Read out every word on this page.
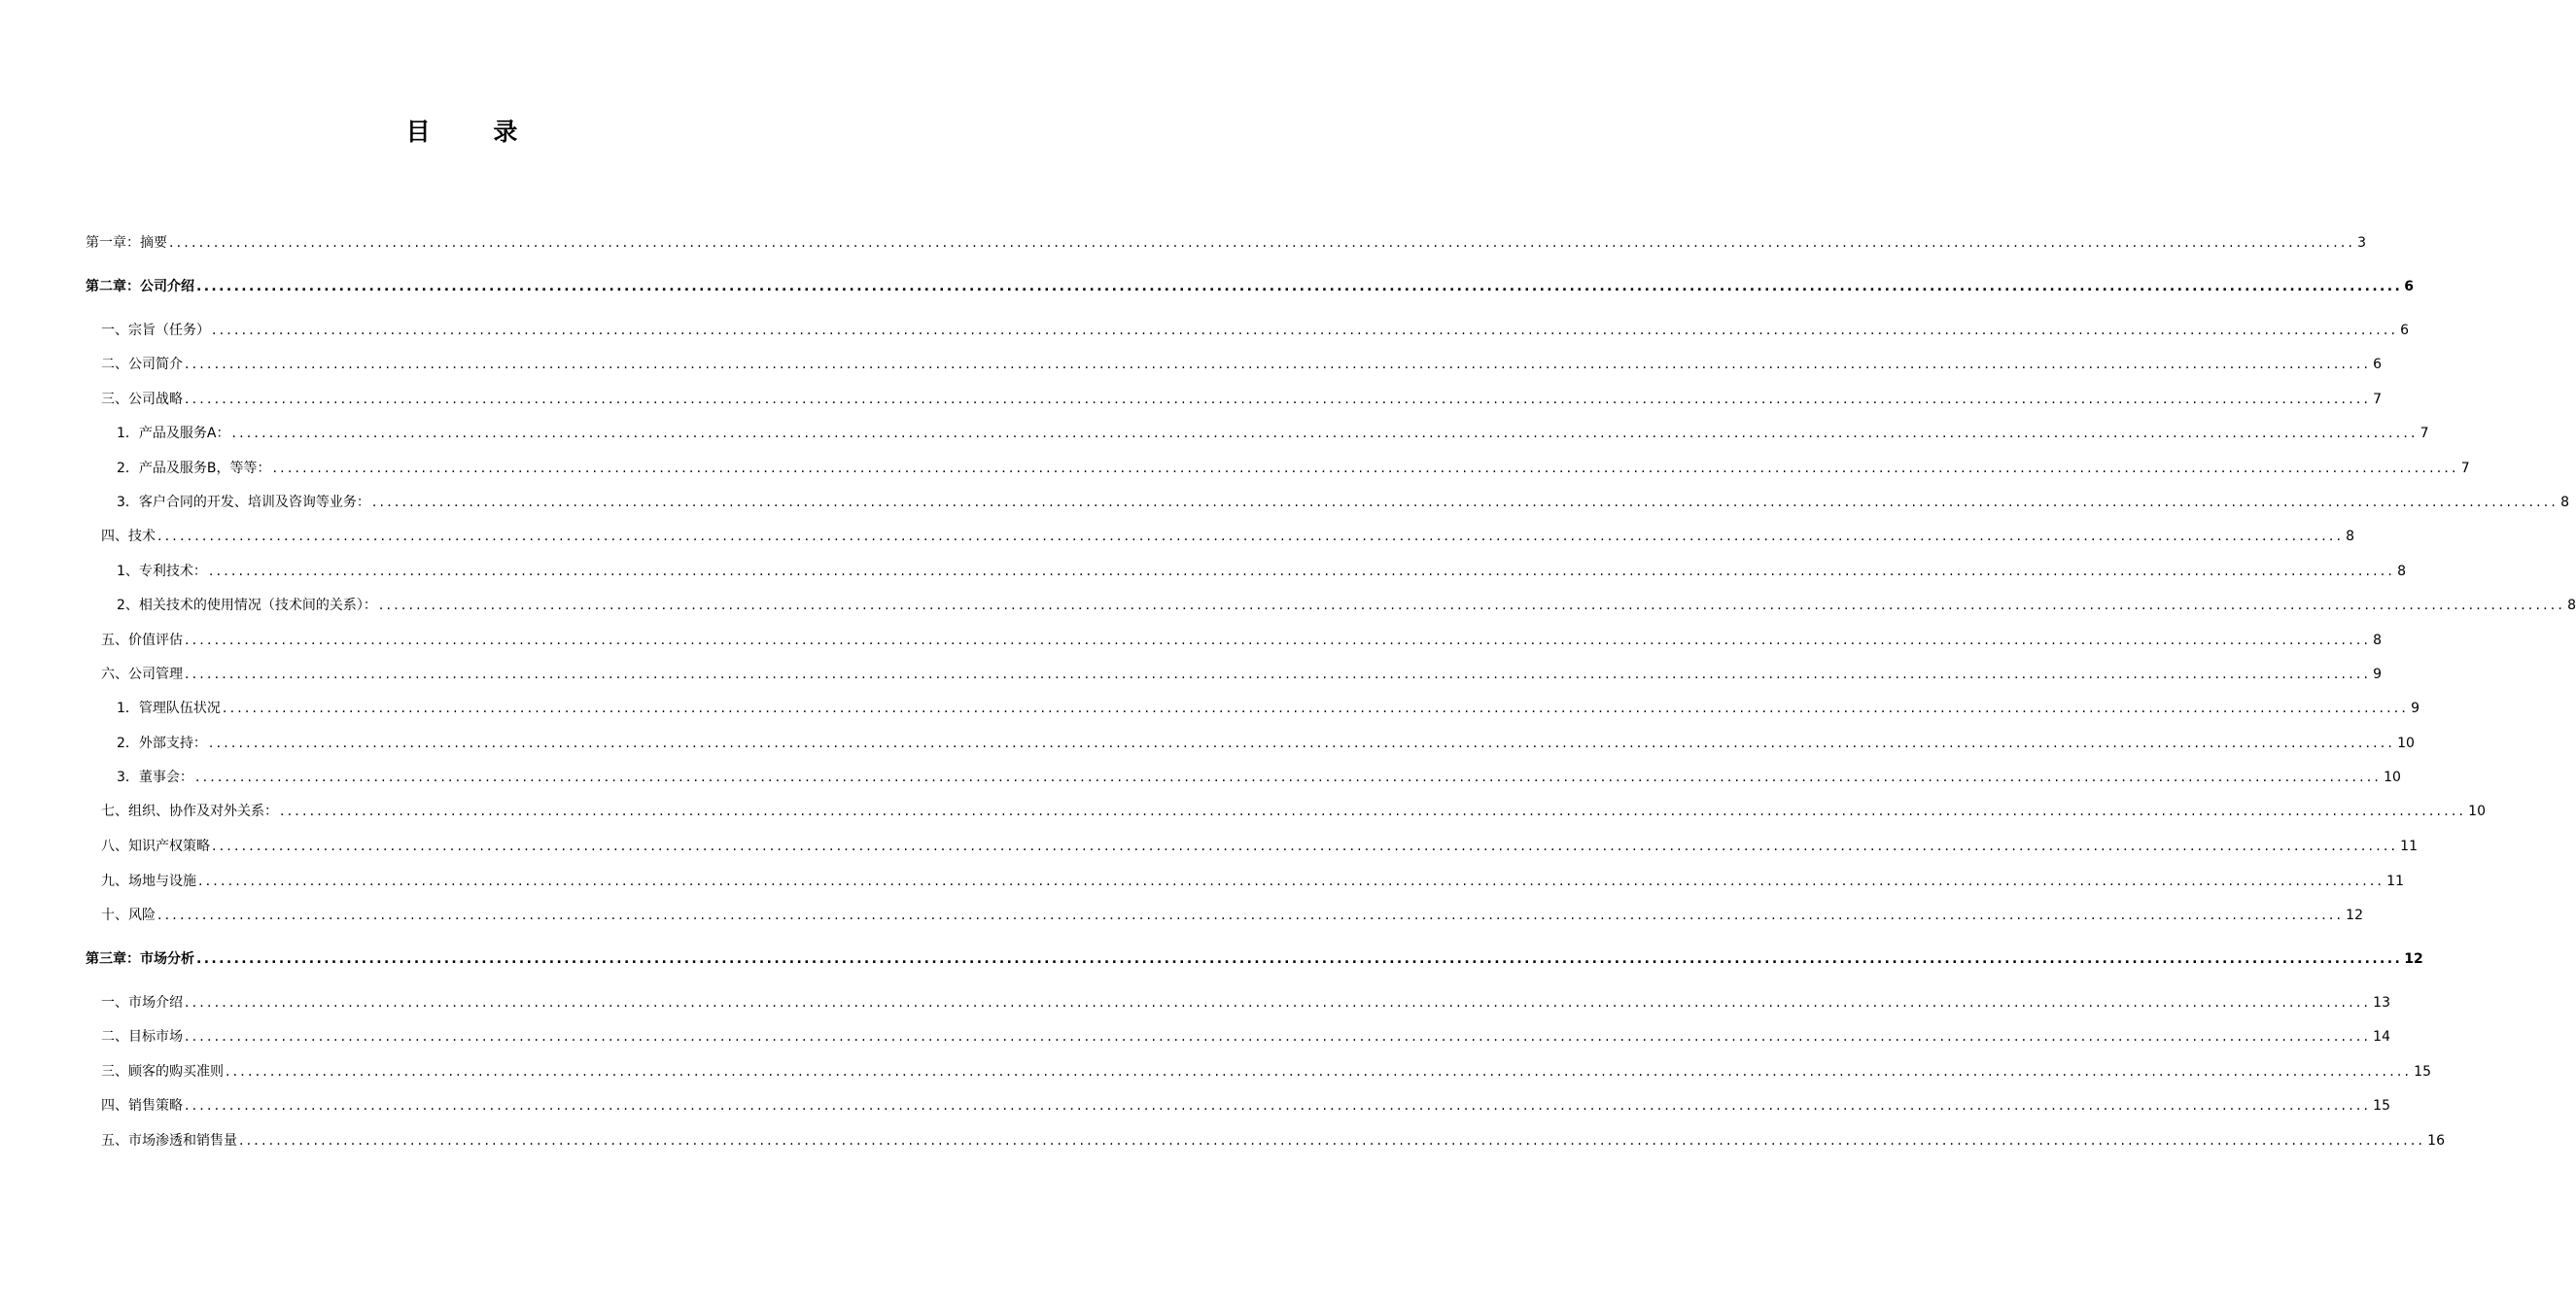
目 录
第一章：摘要 ...................................................................................................................................................................................................................................................................................................... 3
第二章：公司介绍 ...................................................................................................................................................................................................................................................................................................... 6
一、宗旨（任务） ...................................................................................................................................................................................................................................................................................................... 6
二、公司简介 ...................................................................................................................................................................................................................................................................................................... 6
三、公司战略 ...................................................................................................................................................................................................................................................................................................... 7
1．产品及服务A： ...................................................................................................................................................................................................................................................................................................... 7
2．产品及服务B，等等： ...................................................................................................................................................................................................................................................................................................... 7
3．客户合同的开发、培训及咨询等业务： ...................................................................................................................................................................................................................................................................................................... 8
四、技术 ...................................................................................................................................................................................................................................................................................................... 8
1、专利技术： ...................................................................................................................................................................................................................................................................................................... 8
2、相关技术的使用情况（技术间的关系）： ...................................................................................................................................................................................................................................................................................................... 8
五、价值评估 ...................................................................................................................................................................................................................................................................................................... 8
六、公司管理 ...................................................................................................................................................................................................................................................................................................... 9
1．管理队伍状况 ...................................................................................................................................................................................................................................................................................................... 9
2．外部支持： ...................................................................................................................................................................................................................................................................................................... 10
3．董事会： ...................................................................................................................................................................................................................................................................................................... 10
七、组织、协作及对外关系： ...................................................................................................................................................................................................................................................................................................... 10
八、知识产权策略 ...................................................................................................................................................................................................................................................................................................... 11
九、场地与设施 ...................................................................................................................................................................................................................................................................................................... 11
十、风险 ...................................................................................................................................................................................................................................................................................................... 12
第三章：市场分析 ...................................................................................................................................................................................................................................................................................................... 12
一、市场介绍 ...................................................................................................................................................................................................................................................................................................... 13
二、目标市场 ...................................................................................................................................................................................................................................................................................................... 14
三、顾客的购买准则 ...................................................................................................................................................................................................................................................................................................... 15
四、销售策略 ...................................................................................................................................................................................................................................................................................................... 15
五、市场渗透和销售量 ...................................................................................................................................................................................................................................................................................................... 16
